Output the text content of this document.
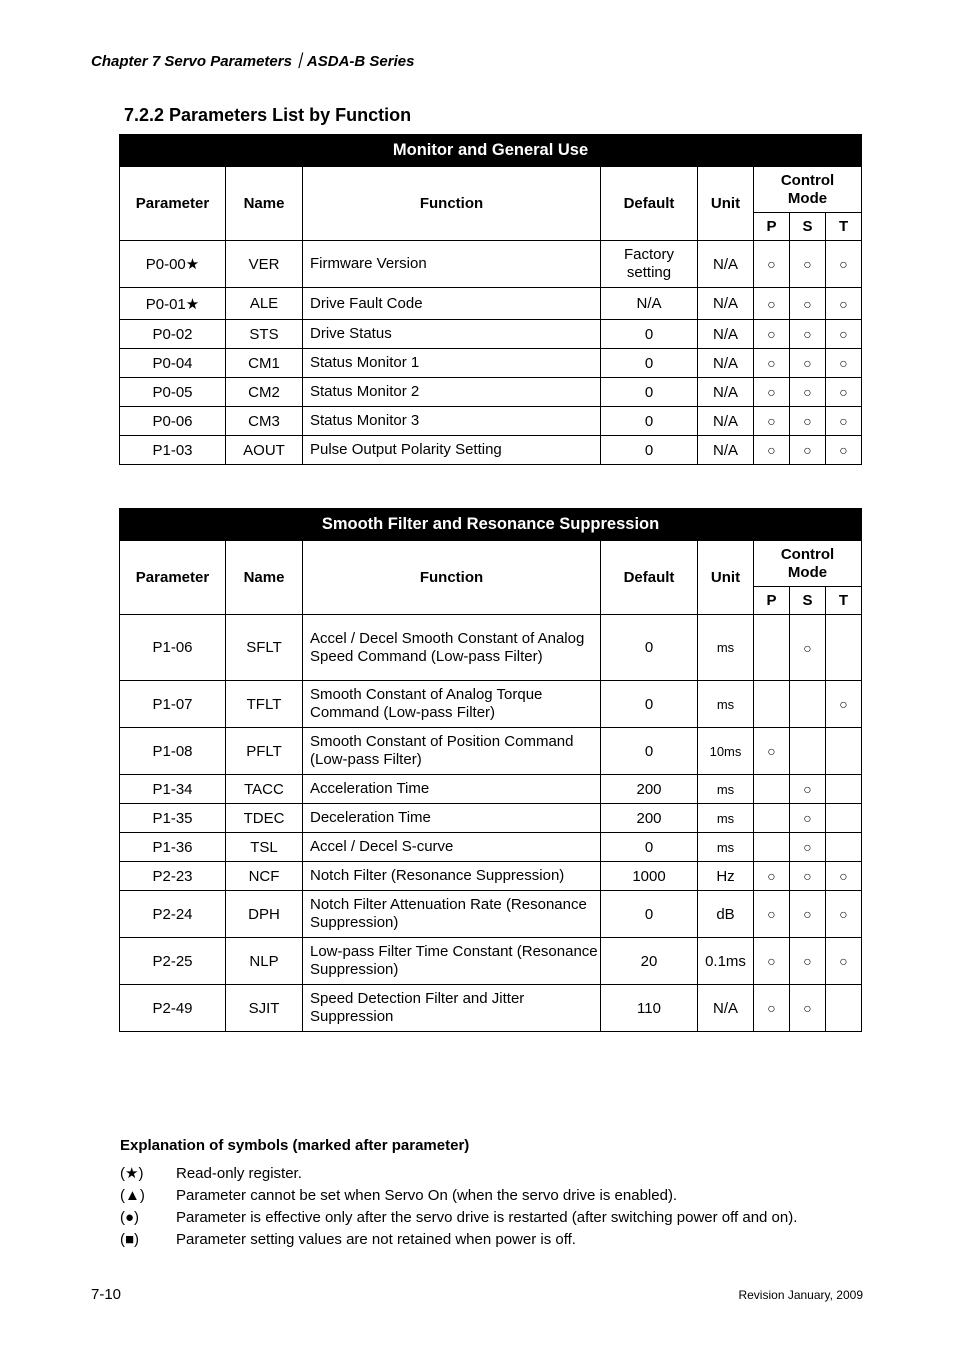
Chapter 7 Servo Parameters｜ASDA-B Series
7.2.2 Parameters List by Function
Monitor and General Use							
Parameter	Name	Function	Default	Unit	Control Mode		

					P	S	T
P0-00★	VER	Firmware Version	Factory setting	N/A	○	○	○
P0-01★	ALE	Drive Fault Code	N/A	N/A	○	○	○
P0-02	STS	Drive Status	0	N/A	○	○	○
P0-04	CM1	Status Monitor 1	0	N/A	○	○	○
P0-05	CM2	Status Monitor 2	0	N/A	○	○	○
P0-06	CM3	Status Monitor 3	0	N/A	○	○	○
P1-03	AOUT	Pulse Output Polarity Setting	0	N/A	○	○	○
Smooth Filter and Resonance Suppression							
Parameter	Name	Function	Default	Unit	Control Mode		

					P	S	T
P1-06	SFLT	Accel / Decel Smooth Constant of Analog Speed Command (Low-pass Filter)	0	ms		○	
P1-07	TFLT	Smooth Constant of Analog Torque Command (Low-pass Filter)	0	ms			○
P1-08	PFLT	Smooth Constant of Position Command (Low-pass Filter)	0	10ms	○		
P1-34	TACC	Acceleration Time	200	ms		○	
P1-35	TDEC	Deceleration Time	200	ms		○	
P1-36	TSL	Accel / Decel S-curve	0	ms		○	
P2-23	NCF	Notch Filter (Resonance Suppression)	1000	Hz	○	○	○
P2-24	DPH	Notch Filter Attenuation Rate (Resonance Suppression)	0	dB	○	○	○
P2-25	NLP	Low-pass Filter Time Constant (Resonance Suppression)	20	0.1ms	○	○	○
P2-49	SJIT	Speed Detection Filter and Jitter Suppression	110	N/A	○	○	
Explanation of symbols (marked after parameter)
(★) Read-only register.
(▲) Parameter cannot be set when Servo On (when the servo drive is enabled).
(●) Parameter is effective only after the servo drive is restarted (after switching power off and on).
(■) Parameter setting values are not retained when power is off.
7-10	Revision January, 2009
